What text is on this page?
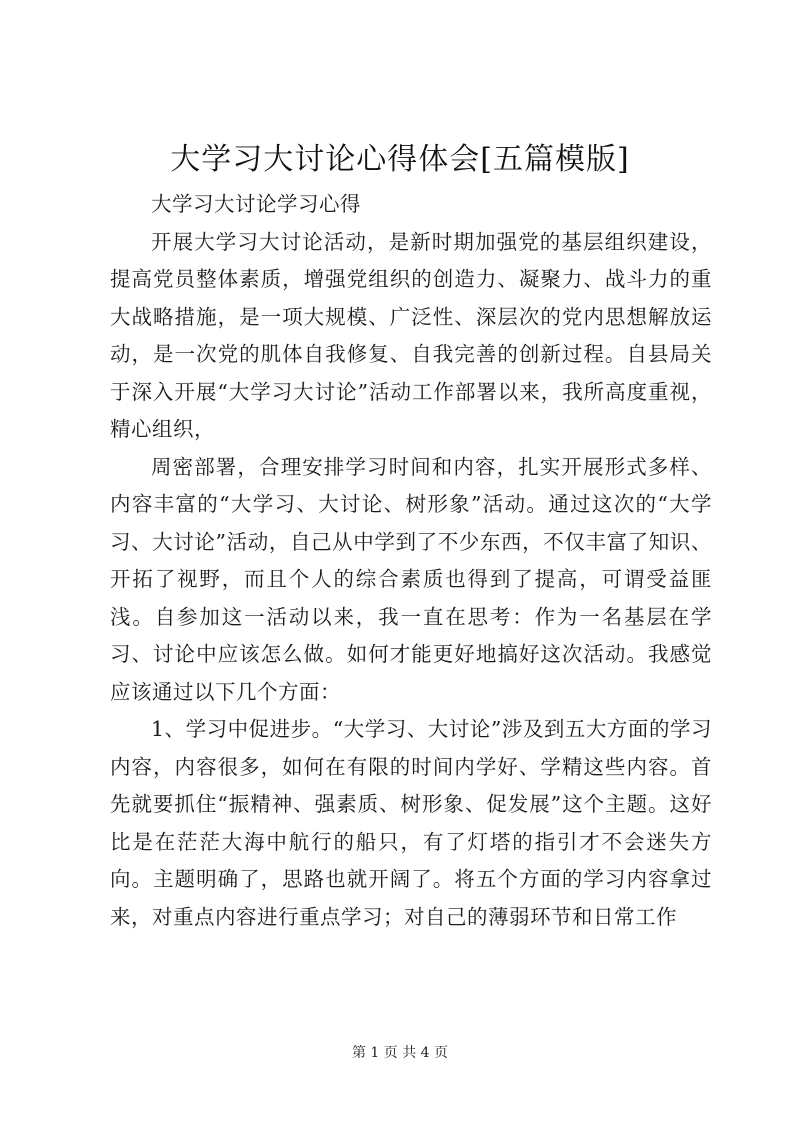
大学习大讨论心得体会[五篇模版]

大学习大讨论学习心得

开展大学习大讨论活动，是新时期加强党的基层组织建设，提高党员整体素质，增强党组织的创造力、凝聚力、战斗力的重大战略措施，是一项大规模、广泛性、深层次的党内思想解放运动，是一次党的肌体自我修复、自我完善的创新过程。自县局关于深入开展“大学习大讨论”活动工作部署以来，我所高度重视，精心组织，

周密部署，合理安排学习时间和内容，扎实开展形式多样、内容丰富的“大学习、大讨论、树形象”活动。通过这次的“大学习、大讨论”活动，自己从中学到了不少东西，不仅丰富了知识、开拓了视野，而且个人的综合素质也得到了提高，可谓受益匪浅。自参加这一活动以来，我一直在思考：作为一名基层在学习、讨论中应该怎么做。如何才能更好地搞好这次活动。我感觉应该通过以下几个方面：

1、学习中促进步。“大学习、大讨论”涉及到五大方面的学习内容，内容很多，如何在有限的时间内学好、学精这些内容。首先就要抓住“振精神、强素质、树形象、促发展”这个主题。这好比是在茫茫大海中航行的船只，有了灯塔的指引才不会迷失方向。主题明确了，思路也就开阔了。将五个方面的学习内容拿过来，对重点内容进行重点学习；对自己的薄弱环节和日常工作

第 1 页 共 4 页
